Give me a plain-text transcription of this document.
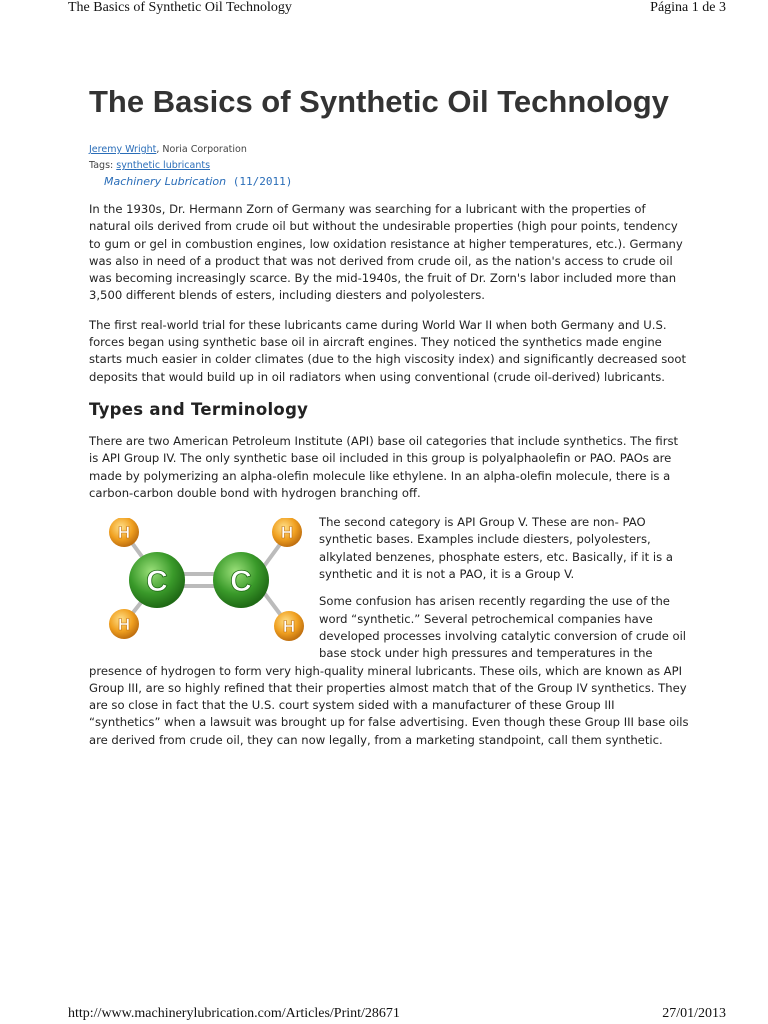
The Basics of Synthetic Oil Technology	Página 1 de 3
The Basics of Synthetic Oil Technology
Jeremy Wright, Noria Corporation
Tags: synthetic lubricants
Machinery Lubrication (11/2011)

In the 1930s, Dr. Hermann Zorn of Germany was searching for a lubricant with the properties of natural oils derived from crude oil but without the undesirable properties (high pour points, tendency to gum or gel in combustion engines, low oxidation resistance at higher temperatures, etc.). Germany was also in need of a product that was not derived from crude oil, as the nation's access to crude oil was becoming increasingly scarce. By the mid-1940s, the fruit of Dr. Zorn's labor included more than 3,500 different blends of esters, including diesters and polyolesters.

The first real-world trial for these lubricants came during World War II when both Germany and U.S. forces began using synthetic base oil in aircraft engines. They noticed the synthetics made engine starts much easier in colder climates (due to the high viscosity index) and significantly decreased soot deposits that would build up in oil radiators when using conventional (crude oil-derived) lubricants.

Types and Terminology

There are two American Petroleum Institute (API) base oil categories that include synthetics. The first is API Group IV. The only synthetic base oil included in this group is polyalphaolefin or PAO. PAOs are made by polymerizing an alpha-olefin molecule like ethylene. In an alpha-olefin molecule, there is a carbon-carbon double bond with hydrogen branching off.

H
H
H
H
C C

The second category is API Group V. These are non- PAO synthetic bases. Examples include diesters, polyolesters, alkylated benzenes, phosphate esters, etc. Basically, if it is a synthetic and it is not a PAO, it is a Group V.

Some confusion has arisen recently regarding the use of the word “synthetic.” Several petrochemical companies have developed processes involving catalytic conversion of crude oil base stock under high pressures and temperatures in the presence of hydrogen to form very high-quality mineral lubricants. These oils, which are known as API Group III, are so highly refined that their properties almost match that of the Group IV synthetics. They are so close in fact that the U.S. court system sided with a manufacturer of these Group III “synthetics” when a lawsuit was brought up for false advertising. Even though these Group III base oils are derived from crude oil, they can now legally, from a marketing standpoint, call them synthetic.

http://www.machinerylubrication.com/Articles/Print/28671	27/01/2013
